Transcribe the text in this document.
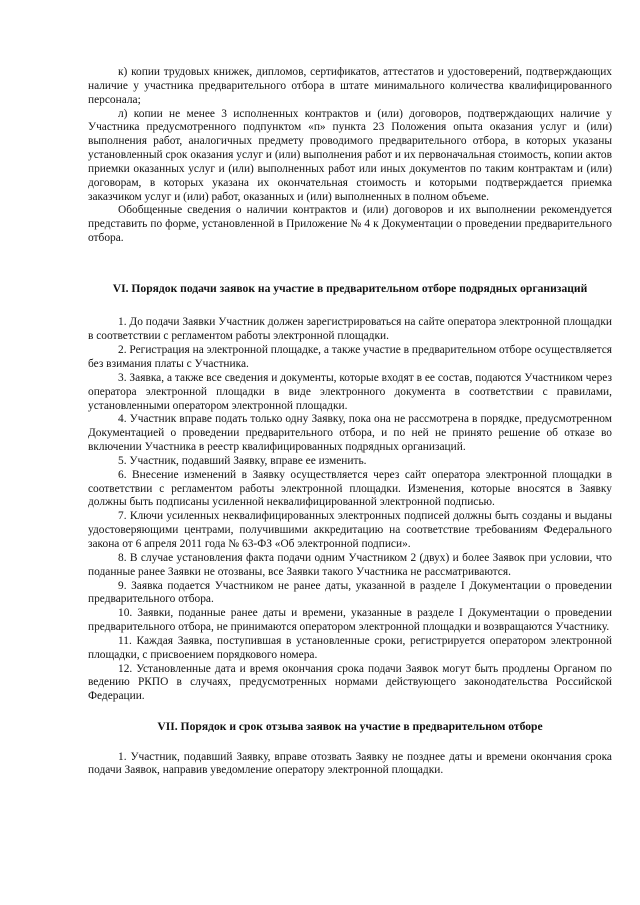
к) копии трудовых книжек, дипломов, сертификатов, аттестатов и удостоверений, подтверждающих наличие у участника предварительного отбора в штате минимального количества квалифицированного персонала;

л) копии не менее 3 исполненных контрактов и (или) договоров, подтверждающих наличие у Участника предусмотренного подпунктом «п» пункта 23 Положения опыта оказания услуг и (или) выполнения работ, аналогичных предмету проводимого предварительного отбора, в которых указаны установленный срок оказания услуг и (или) выполнения работ и их первоначальная стоимость, копии актов приемки оказанных услуг и (или) выполненных работ или иных документов по таким контрактам и (или) договорам, в которых указана их окончательная стоимость и которыми подтверждается приемка заказчиком услуг и (или) работ, оказанных и (или) выполненных в полном объеме.

Обобщенные сведения о наличии контрактов и (или) договоров и их выполнении рекомендуется представить по форме, установленной в Приложение № 4 к Документации о проведении предварительного отбора.

VI. Порядок подачи заявок на участие в предварительном отборе подрядных организаций

1. До подачи Заявки Участник должен зарегистрироваться на сайте оператора электронной площадки в соответствии с регламентом работы электронной площадки.

2. Регистрация на электронной площадке, а также участие в предварительном отборе осуществляется без взимания платы с Участника.

3. Заявка, а также все сведения и документы, которые входят в ее состав, подаются Участником через оператора электронной площадки в виде электронного документа в соответствии с правилами, установленными оператором электронной площадки.

4. Участник вправе подать только одну Заявку, пока она не рассмотрена в порядке, предусмотренном Документацией о проведении предварительного отбора, и по ней не принято решение об отказе во включении Участника в реестр квалифицированных подрядных организаций.

5. Участник, подавший Заявку, вправе ее изменить.

6. Внесение изменений в Заявку осуществляется через сайт оператора электронной площадки в соответствии с регламентом работы электронной площадки. Изменения, которые вносятся в Заявку должны быть подписаны усиленной неквалифицированной электронной подписью.

7. Ключи усиленных неквалифицированных электронных подписей должны быть созданы и выданы удостоверяющими центрами, получившими аккредитацию на соответствие требованиям Федерального закона от 6 апреля 2011 года № 63-ФЗ «Об электронной подписи».

8. В случае установления факта подачи одним Участником 2 (двух) и более Заявок при условии, что поданные ранее Заявки не отозваны, все Заявки такого Участника не рассматриваются.

9. Заявка подается Участником не ранее даты, указанной в разделе I Документации о проведении предварительного отбора.

10. Заявки, поданные ранее даты и времени, указанные в разделе I Документации о проведении предварительного отбора, не принимаются оператором электронной площадки и возвращаются Участнику.

11. Каждая Заявка, поступившая в установленные сроки, регистрируется оператором электронной площадки, с присвоением порядкового номера.

12. Установленные дата и время окончания срока подачи Заявок могут быть продлены Органом по ведению РКПО в случаях, предусмотренных нормами действующего законодательства Российской Федерации.

VII. Порядок и срок отзыва заявок на участие в предварительном отборе

1. Участник, подавший Заявку, вправе отозвать Заявку не позднее даты и времени окончания срока подачи Заявок, направив уведомление оператору электронной площадки.
